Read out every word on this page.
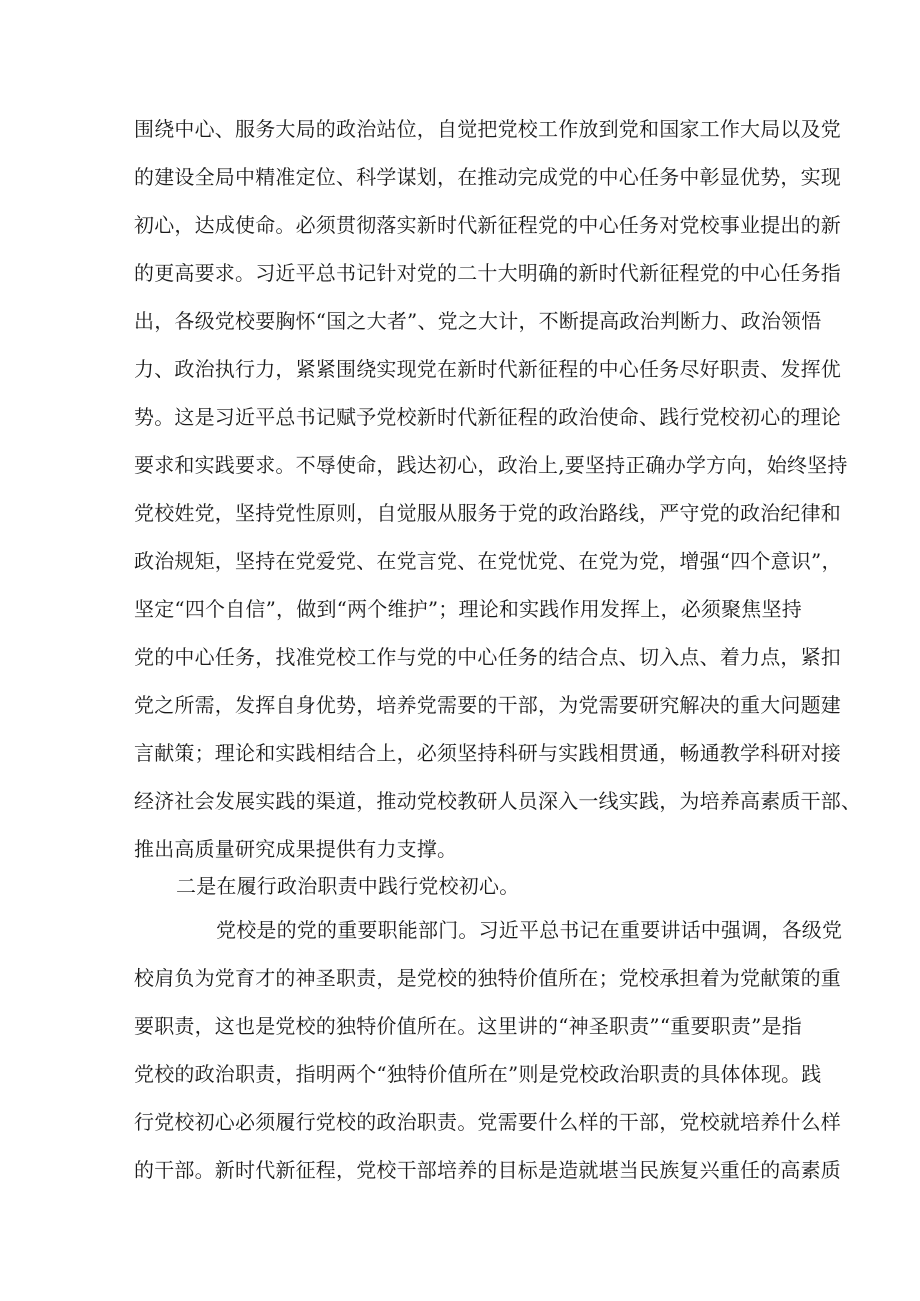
围绕中心、服务大局的政治站位，自觉把党校工作放到党和国家工作大局以及党
的建设全局中精准定位、科学谋划，在推动完成党的中心任务中彰显优势，实现
初心，达成使命。必须贯彻落实新时代新征程党的中心任务对党校事业提出的新
的更高要求。习近平总书记针对党的二十大明确的新时代新征程党的中心任务指
出，各级党校要胸怀“国之大者”、党之大计，不断提高政治判断力、政治领悟
力、政治执行力，紧紧围绕实现党在新时代新征程的中心任务尽好职责、发挥优
势。这是习近平总书记赋予党校新时代新征程的政治使命、践行党校初心的理论
要求和实践要求。不辱使命，践达初心，政治上,要坚持正确办学方向，始终坚持
党校姓党，坚持党性原则，自觉服从服务于党的政治路线，严守党的政治纪律和
政治规矩，坚持在党爱党、在党言党、在党忧党、在党为党，增强“四个意识”，
坚定“四个自信”，做到“两个维护”；理论和实践作用发挥上，必须聚焦坚持
党的中心任务，找准党校工作与党的中心任务的结合点、切入点、着力点，紧扣
党之所需，发挥自身优势，培养党需要的干部，为党需要研究解决的重大问题建
言献策；理论和实践相结合上，必须坚持科研与实践相贯通，畅通教学科研对接
经济社会发展实践的渠道，推动党校教研人员深入一线实践，为培养高素质干部、
推出高质量研究成果提供有力支撑。
二是在履行政治职责中践行党校初心。
党校是的党的重要职能部门。习近平总书记在重要讲话中强调，各级党
校肩负为党育才的神圣职责，是党校的独特价值所在；党校承担着为党献策的重
要职责，这也是党校的独特价值所在。这里讲的“神圣职责”“重要职责”是指
党校的政治职责，指明两个“独特价值所在”则是党校政治职责的具体体现。践
行党校初心必须履行党校的政治职责。党需要什么样的干部，党校就培养什么样
的干部。新时代新征程，党校干部培养的目标是造就堪当民族复兴重任的高素质
